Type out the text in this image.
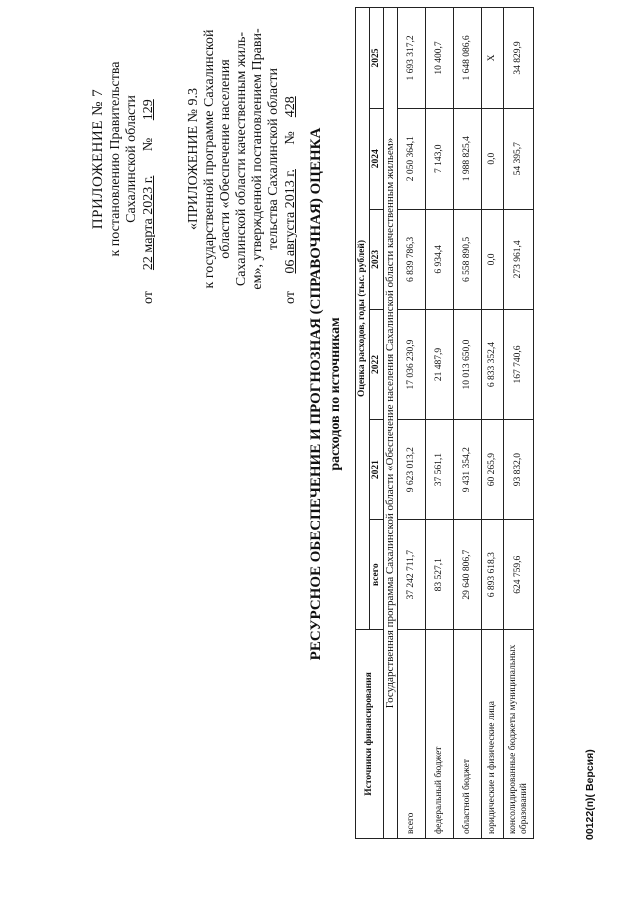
ПРИЛОЖЕНИЕ № 7 к постановлению Правительства Сахалинской области
от      22 марта 2023 г.       №     129 «ПРИЛОЖЕНИЕ № 9.3 к государственной программе Сахалинской области «Обеспечение населения Сахалинской области качественным жиль- ем», утвержденной постановлением Прави- тельства Сахалинской области
от     06 августа 2013 г.       №    428
РЕСУРСНОЕ ОБЕСПЕЧЕНИЕ И ПРОГНОЗНАЯ (СПРАВОЧНАЯ) ОЦЕНКА расходов по источникам
Источники финансирования	Оценка расходов, годы (тыс. рублей)					
	всего	2021	2022	2023	2024	2025
Государственная программа Сахалинской области «Обеспечение населения Сахалинской области качественным жильем»						
всего	37 242 711,7	9 623 013,2	17 036 230,9	6 839 786,3	2 050 364,1	1 693 317,2
федеральный бюджет	83 527,1	37 561,1	21 487,9	6 934,4	7 143,0	10 400,7
областной бюджет	29 640 806,7	9 431 354,2	10 013 650,0	6 558 890,5	1 988 825,4	1 648 086,6
юридические и физические лица	6 893 618,3	60 265,9	6 833 352,4	0,0	0,0	Х
консолидированные бюджеты муниципальных образований	624 759,6	93 832,0	167 740,6	273 961,4	54 395,7	34 829,9
00122(п)( Версия)
